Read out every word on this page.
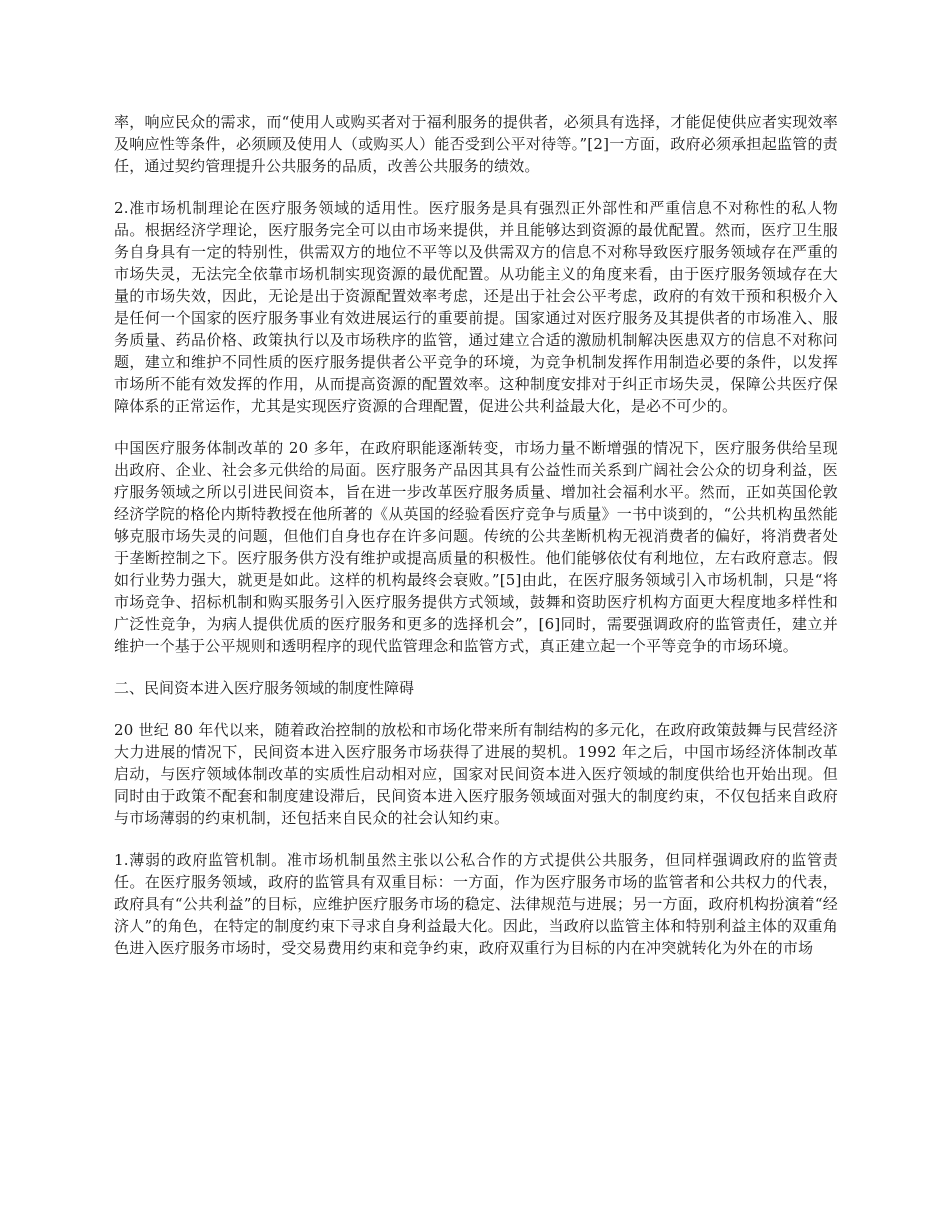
率，响应民众的需求，而“使用人或购买者对于福利服务的提供者，必须具有选择，才能促使供应者实现效率及响应性等条件，必须顾及使用人（或购买人）能否受到公平对待等。”[2]一方面，政府必须承担起监管的责任，通过契约管理提升公共服务的品质，改善公共服务的绩效。

2.准市场机制理论在医疗服务领域的适用性。医疗服务是具有强烈正外部性和严重信息不对称性的私人物品。根据经济学理论，医疗服务完全可以由市场来提供，并且能够达到资源的最优配置。然而，医疗卫生服务自身具有一定的特别性，供需双方的地位不平等以及供需双方的信息不对称导致医疗服务领域存在严重的市场失灵，无法完全依靠市场机制实现资源的最优配置。从功能主义的角度来看，由于医疗服务领域存在大量的市场失效，因此，无论是出于资源配置效率考虑，还是出于社会公平考虑，政府的有效干预和积极介入是任何一个国家的医疗服务事业有效进展运行的重要前提。国家通过对医疗服务及其提供者的市场准入、服务质量、药品价格、政策执行以及市场秩序的监管，通过建立合适的激励机制解决医患双方的信息不对称问题，建立和维护不同性质的医疗服务提供者公平竞争的环境，为竞争机制发挥作用制造必要的条件，以发挥市场所不能有效发挥的作用，从而提高资源的配置效率。这种制度安排对于纠正市场失灵，保障公共医疗保障体系的正常运作，尤其是实现医疗资源的合理配置，促进公共利益最大化，是必不可少的。

中国医疗服务体制改革的 20 多年，在政府职能逐渐转变，市场力量不断增强的情况下，医疗服务供给呈现出政府、企业、社会多元供给的局面。医疗服务产品因其具有公益性而关系到广阔社会公众的切身利益，医疗服务领域之所以引进民间资本，旨在进一步改革医疗服务质量、增加社会福利水平。然而，正如英国伦敦经济学院的格伦内斯特教授在他所著的《从英国的经验看医疗竞争与质量》一书中谈到的，“公共机构虽然能够克服市场失灵的问题，但他们自身也存在许多问题。传统的公共垄断机构无视消费者的偏好，将消费者处于垄断控制之下。医疗服务供方没有维护或提高质量的积极性。他们能够依仗有利地位，左右政府意志。假如行业势力强大，就更是如此。这样的机构最终会衰败。”[5]由此，在医疗服务领域引入市场机制，只是“将市场竞争、招标机制和购买服务引入医疗服务提供方式领域，鼓舞和资助医疗机构方面更大程度地多样性和广泛性竞争，为病人提供优质的医疗服务和更多的选择机会”，[6]同时，需要强调政府的监管责任，建立并维护一个基于公平规则和透明程序的现代监管理念和监管方式，真正建立起一个平等竞争的市场环境。

二、民间资本进入医疗服务领域的制度性障碍

20 世纪 80 年代以来，随着政治控制的放松和市场化带来所有制结构的多元化，在政府政策鼓舞与民营经济大力进展的情况下，民间资本进入医疗服务市场获得了进展的契机。1992 年之后，中国市场经济体制改革启动，与医疗领域体制改革的实质性启动相对应，国家对民间资本进入医疗领域的制度供给也开始出现。但同时由于政策不配套和制度建设滞后，民间资本进入医疗服务领域面对强大的制度约束，不仅包括来自政府与市场薄弱的约束机制，还包括来自民众的社会认知约束。

1.薄弱的政府监管机制。准市场机制虽然主张以公私合作的方式提供公共服务，但同样强调政府的监管责任。在医疗服务领域，政府的监管具有双重目标：一方面，作为医疗服务市场的监管者和公共权力的代表，政府具有“公共利益”的目标，应维护医疗服务市场的稳定、法律规范与进展；另一方面，政府机构扮演着“经济人”的角色，在特定的制度约束下寻求自身利益最大化。因此，当政府以监管主体和特别利益主体的双重角色进入医疗服务市场时，受交易费用约束和竞争约束，政府双重行为目标的内在冲突就转化为外在的市场
